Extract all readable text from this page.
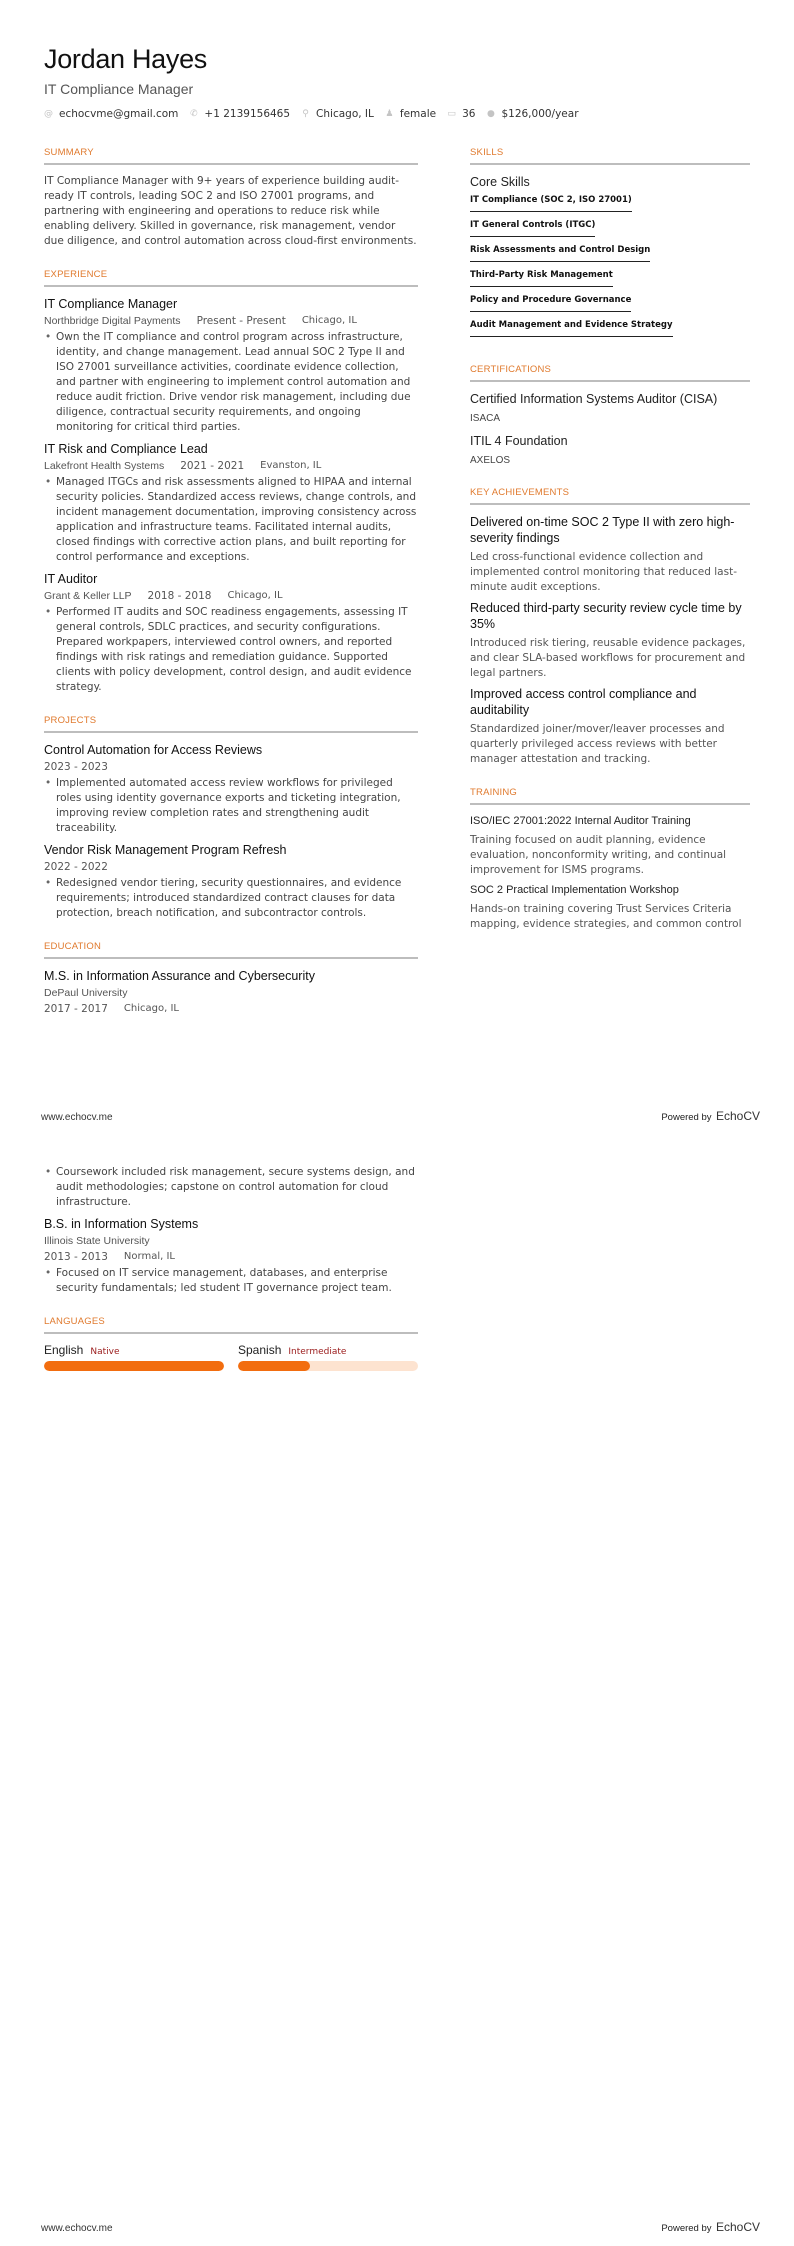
Jordan Hayes
IT Compliance Manager
@ echocvme@gmail.com ✆ +1 2139156465 ⚲ Chicago, IL ♟ female ▭ 36 ● $126,000/year
SUMMARY
IT Compliance Manager with 9+ years of experience building audit-ready IT controls, leading SOC 2 and ISO 27001 programs, and partnering with engineering and operations to reduce risk while enabling delivery. Skilled in governance, risk management, vendor due diligence, and control automation across cloud-first environments.
EXPERIENCE
IT Compliance Manager
Northbridge Digital Payments Present - Present Chicago, IL
• Own the IT compliance and control program across infrastructure, identity, and change management. Lead annual SOC 2 Type II and ISO 27001 surveillance activities, coordinate evidence collection, and partner with engineering to implement control automation and reduce audit friction. Drive vendor risk management, including due diligence, contractual security requirements, and ongoing monitoring for critical third parties.
IT Risk and Compliance Lead
Lakefront Health Systems 2021 - 2021 Evanston, IL
• Managed ITGCs and risk assessments aligned to HIPAA and internal security policies. Standardized access reviews, change controls, and incident management documentation, improving consistency across application and infrastructure teams. Facilitated internal audits, closed findings with corrective action plans, and built reporting for control performance and exceptions.
IT Auditor
Grant & Keller LLP 2018 - 2018 Chicago, IL
• Performed IT audits and SOC readiness engagements, assessing IT general controls, SDLC practices, and security configurations. Prepared workpapers, interviewed control owners, and reported findings with risk ratings and remediation guidance. Supported clients with policy development, control design, and audit evidence strategy.
PROJECTS
Control Automation for Access Reviews
2023 - 2023
• Implemented automated access review workflows for privileged roles using identity governance exports and ticketing integration, improving review completion rates and strengthening audit traceability.
Vendor Risk Management Program Refresh
2022 - 2022
• Redesigned vendor tiering, security questionnaires, and evidence requirements; introduced standardized contract clauses for data protection, breach notification, and subcontractor controls.
EDUCATION
M.S. in Information Assurance and Cybersecurity
DePaul University
2017 - 2017 Chicago, IL
SKILLS
Core Skills
IT Compliance (SOC 2, ISO 27001)
IT General Controls (ITGC)
Risk Assessments and Control Design
Third-Party Risk Management
Policy and Procedure Governance
Audit Management and Evidence Strategy
CERTIFICATIONS
Certified Information Systems Auditor (CISA)
ISACA
ITIL 4 Foundation
AXELOS
KEY ACHIEVEMENTS
Delivered on-time SOC 2 Type II with zero high-severity findings
Led cross-functional evidence collection and implemented control monitoring that reduced last-minute audit exceptions.
Reduced third-party security review cycle time by 35%
Introduced risk tiering, reusable evidence packages, and clear SLA-based workflows for procurement and legal partners.
Improved access control compliance and auditability
Standardized joiner/mover/leaver processes and quarterly privileged access reviews with better manager attestation and tracking.
TRAINING
ISO/IEC 27001:2022 Internal Auditor Training
Training focused on audit planning, evidence evaluation, nonconformity writing, and continual improvement for ISMS programs.
SOC 2 Practical Implementation Workshop
Hands-on training covering Trust Services Criteria mapping, evidence strategies, and common control
www.echocv.me	Powered by EchoCV
• Coursework included risk management, secure systems design, and audit methodologies; capstone on control automation for cloud infrastructure.
B.S. in Information Systems
Illinois State University
2013 - 2013 Normal, IL
• Focused on IT service management, databases, and enterprise security fundamentals; led student IT governance project team.
LANGUAGES
English Native	Spanish Intermediate
www.echocv.me	Powered by EchoCV
